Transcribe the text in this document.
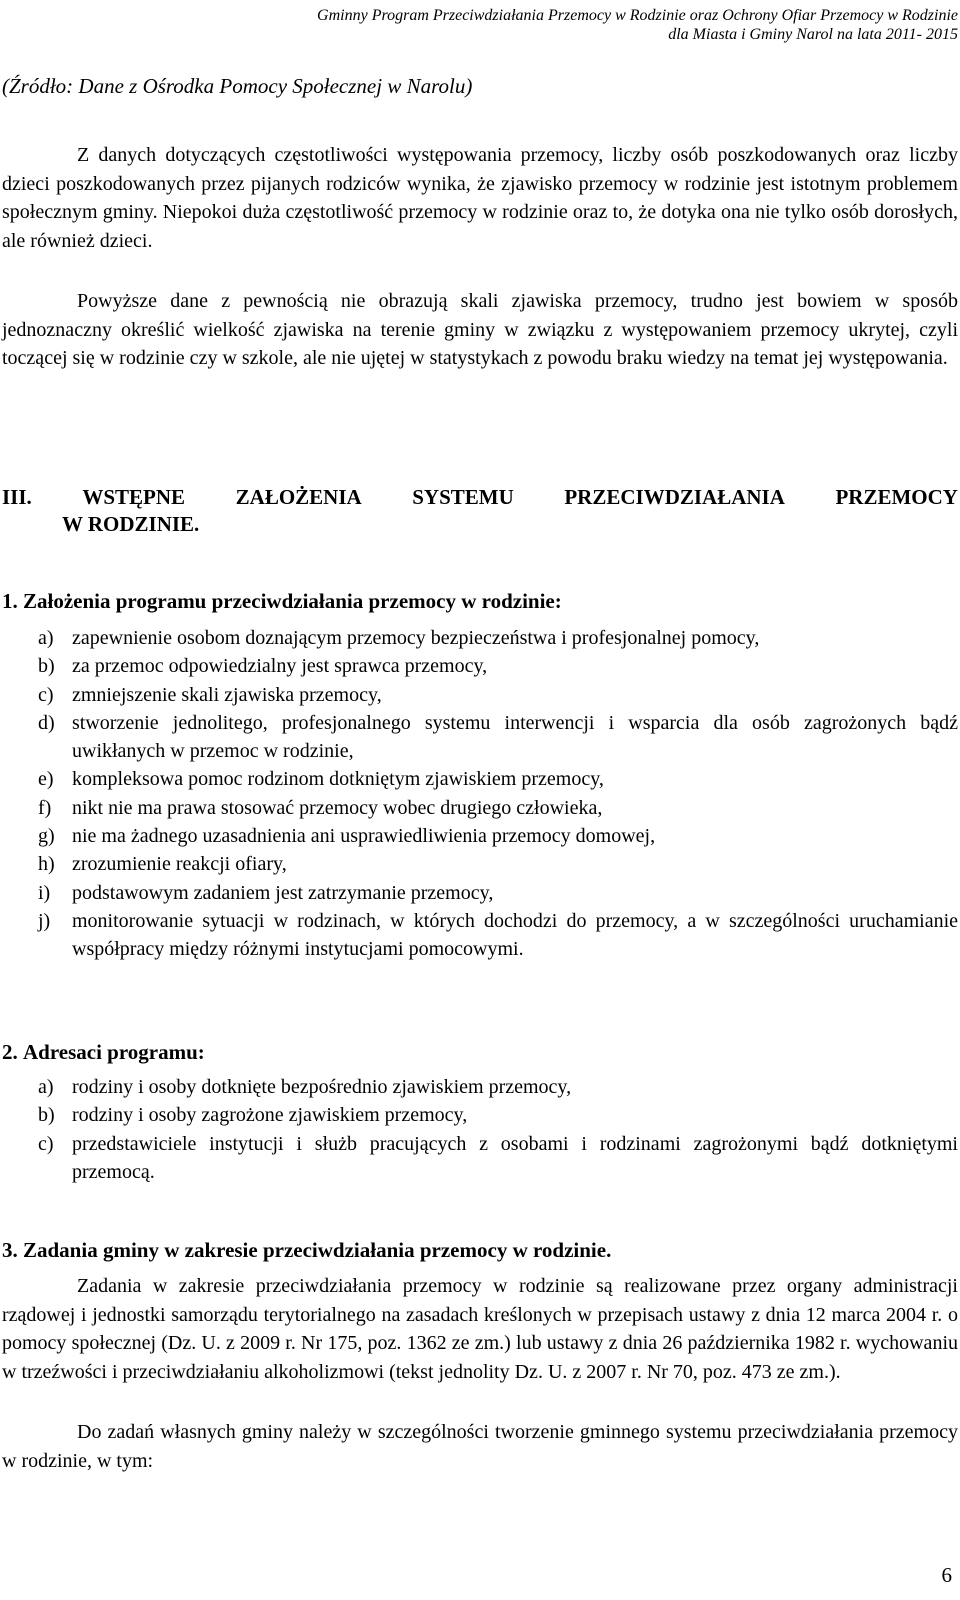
Gminny Program Przeciwdziałania Przemocy w Rodzinie oraz Ochrony Ofiar Przemocy w Rodzinie
dla Miasta i Gminy Narol na lata 2011- 2015
(Źródło: Dane z Ośrodka Pomocy Społecznej w Narolu)

Z danych dotyczących częstotliwości występowania przemocy, liczby osób poszkodowanych oraz liczby dzieci poszkodowanych przez pijanych rodziców wynika, że zjawisko przemocy w rodzinie jest istotnym problemem społecznym gminy. Niepokoi duża częstotliwość przemocy w rodzinie oraz to, że dotyka ona nie tylko osób dorosłych, ale również dzieci.

Powyższe dane z pewnością nie obrazują skali zjawiska przemocy, trudno jest bowiem w sposób jednoznaczny określić wielkość zjawiska na terenie gminy w związku z występowaniem przemocy ukrytej, czyli toczącej się w rodzinie czy w szkole, ale nie ujętej w statystykach z powodu braku wiedzy na temat jej występowania.

III. WSTĘPNE ZAŁOŻENIA SYSTEMU PRZECIWDZIAŁANIA PRZEMOCY
W RODZINIE.
1. Założenia programu przeciwdziałania przemocy w rodzinie:
a) zapewnienie osobom doznającym przemocy bezpieczeństwa i profesjonalnej pomocy,
b) za przemoc odpowiedzialny jest sprawca przemocy,
c) zmniejszenie skali zjawiska przemocy,
d) stworzenie jednolitego, profesjonalnego systemu interwencji i wsparcia dla osób zagrożonych bądź uwikłanych w przemoc w rodzinie,
e) kompleksowa pomoc rodzinom dotkniętym zjawiskiem przemocy,
f)	nikt nie ma prawa stosować przemocy wobec drugiego człowieka,
g) nie ma żadnego uzasadnienia ani usprawiedliwienia przemocy domowej,
h) zrozumienie reakcji ofiary,
i)	podstawowym zadaniem jest zatrzymanie przemocy,
j)	monitorowanie sytuacji w rodzinach, w których dochodzi do przemocy, a w szczególności uruchamianie współpracy między różnymi instytucjami pomocowymi.
2. Adresaci programu:
a) rodziny i osoby dotknięte bezpośrednio zjawiskiem przemocy,
b) rodziny i osoby zagrożone zjawiskiem przemocy,
c) przedstawiciele instytucji i służb pracujących z osobami i rodzinami zagrożonymi bądź dotkniętymi przemocą.
3. Zadania gminy w zakresie przeciwdziałania przemocy w rodzinie.

Zadania w zakresie przeciwdziałania przemocy w rodzinie są realizowane przez organy administracji rządowej i jednostki samorządu terytorialnego na zasadach kreślonych w przepisach ustawy z dnia 12 marca 2004 r. o pomocy społecznej (Dz. U. z 2009 r. Nr 175, poz. 1362 ze zm.) lub ustawy z dnia 26 października 1982 r. wychowaniu w trzeźwości i przeciwdziałaniu alkoholizmowi (tekst jednolity Dz. U. z 2007 r. Nr 70, poz. 473 ze zm.).

Do zadań własnych gminy należy w szczególności tworzenie gminnego systemu przeciwdziałania przemocy w rodzinie, w tym:

6
